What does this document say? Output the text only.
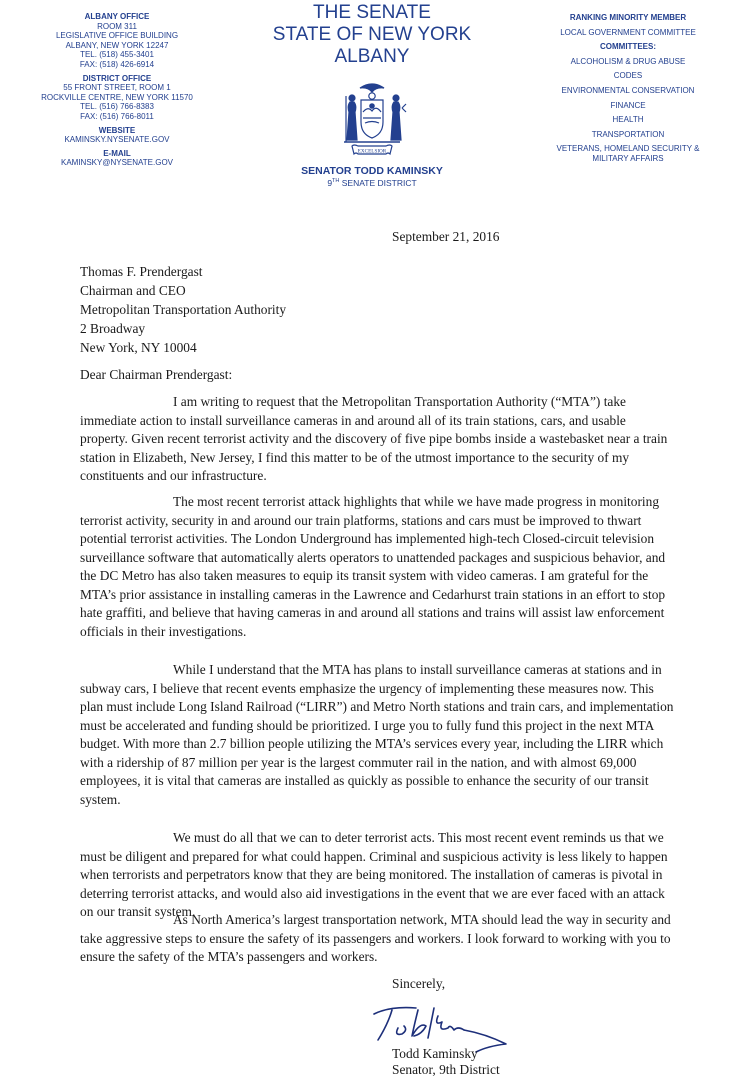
ALBANY OFFICE
ROOM 311
LEGISLATIVE OFFICE BUILDING
ALBANY, NEW YORK 12247
TEL. (518) 455-3401
FAX: (518) 426-6914
DISTRICT OFFICE
55 FRONT STREET, ROOM 1
ROCKVILLE CENTRE, NEW YORK 11570
TEL. (516) 766-8383
FAX: (516) 766-8011
WEBSITE
KAMINSKY.NYSENATE.GOV
E-MAIL
KAMINSKY@NYSENATE.GOV
THE SENATE
STATE OF NEW YORK
ALBANY
EXCELSIOR
SENATOR TODD KAMINSKY
9TH SENATE DISTRICT
RANKING MINORITY MEMBER
LOCAL GOVERNMENT COMMITTEE
COMMITTEES:
ALCOHOLISM & DRUG ABUSE
CODES
ENVIRONMENTAL CONSERVATION
FINANCE
HEALTH
TRANSPORTATION
VETERANS, HOMELAND SECURITY &
MILITARY AFFAIRS
September 21, 2016
Thomas F. Prendergast
Chairman and CEO
Metropolitan Transportation Authority
2 Broadway
New York, NY 10004
Dear Chairman Prendergast:

I am writing to request that the Metropolitan Transportation Authority (“MTA”) take immediate action to install surveillance cameras in and around all of its train stations, cars, and usable property. Given recent terrorist activity and the discovery of five pipe bombs inside a wastebasket near a train station in Elizabeth, New Jersey, I find this matter to be of the utmost importance to the security of my constituents and our infrastructure.

The most recent terrorist attack highlights that while we have made progress in monitoring terrorist activity, security in and around our train platforms, stations and cars must be improved to thwart potential terrorist activities. The London Underground has implemented high-tech Closed-circuit television surveillance software that automatically alerts operators to unattended packages and suspicious behavior, and the DC Metro has also taken measures to equip its transit system with video cameras. I am grateful for the MTA’s prior assistance in installing cameras in the Lawrence and Cedarhurst train stations in an effort to stop hate graffiti, and believe that having cameras in and around all stations and trains will assist law enforcement officials in their investigations.

While I understand that the MTA has plans to install surveillance cameras at stations and in subway cars, I believe that recent events emphasize the urgency of implementing these measures now. This plan must include Long Island Railroad (“LIRR”) and Metro North stations and train cars, and implementation must be accelerated and funding should be prioritized. I urge you to fully fund this project in the next MTA budget. With more than 2.7 billion people utilizing the MTA’s services every year, including the LIRR which with a ridership of 87 million per year is the largest commuter rail in the nation, and with almost 69,000 employees, it is vital that cameras are installed as quickly as possible to enhance the security of our transit system.

We must do all that we can to deter terrorist acts. This most recent event reminds us that we must be diligent and prepared for what could happen. Criminal and suspicious activity is less likely to happen when terrorists and perpetrators know that they are being monitored. The installation of cameras is pivotal in deterring terrorist attacks, and would also aid investigations in the event that we are ever faced with an attack on our transit system.

As North America’s largest transportation network, MTA should lead the way in security and take aggressive steps to ensure the safety of its passengers and workers. I look forward to working with you to ensure the safety of the MTA’s passengers and workers.

Sincerely,
Todd Kaminsky
Senator, 9th District
